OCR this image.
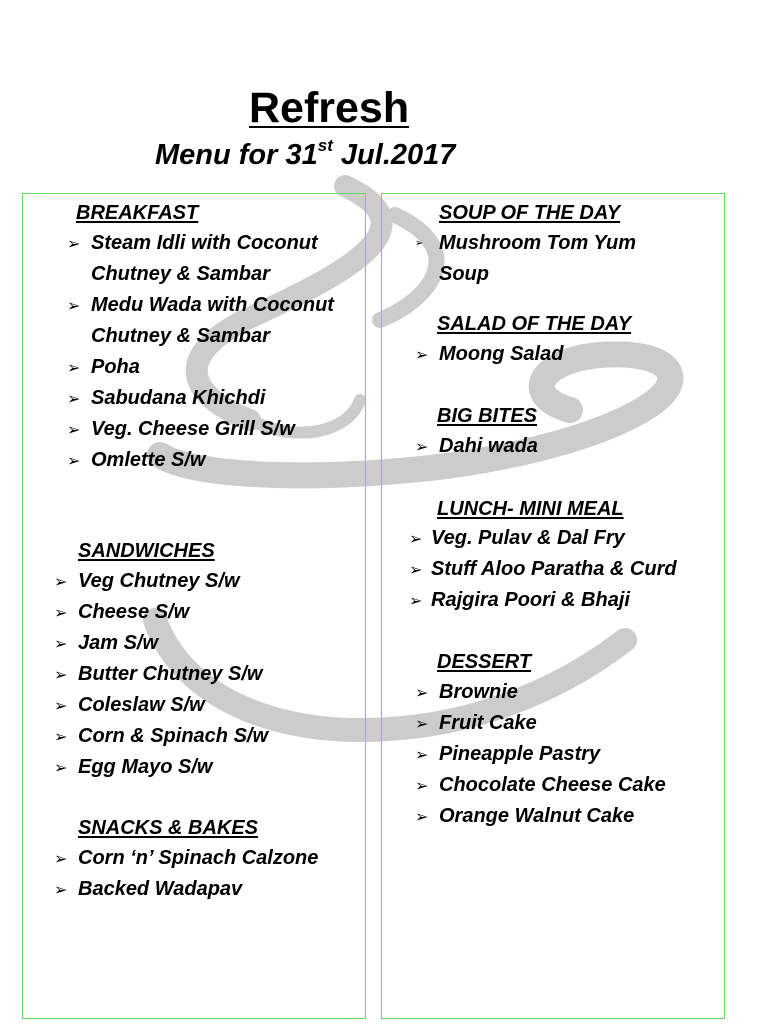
Refresh

Menu for 31st Jul.2017

BREAKFAST
➢ Steam Idli with Coconut Chutney & Sambar
➢ Medu Wada with Coconut Chutney & Sambar
➢ Poha
➢ Sabudana Khichdi
➢ Veg. Cheese Grill S/w
➢ Omlette S/w
SANDWICHES
➢ Veg Chutney S/w
➢ Cheese S/w
➢ Jam S/w
➢ Butter Chutney S/w
➢ Coleslaw S/w
➢ Corn & Spinach S/w
➢ Egg Mayo S/w
SNACKS & BAKES
➢ Corn ‘n’ Spinach Calzone
➢ Backed Wadapav
SOUP OF THE DAY
➢ Mushroom Tom Yum Soup
SALAD OF THE DAY
➢ Moong Salad
BIG BITES
➢ Dahi wada
LUNCH- MINI MEAL
➢ Veg. Pulav & Dal Fry
➢ Stuff Aloo Paratha & Curd
➢ Rajgira Poori & Bhaji
DESSERT
➢ Brownie
➢ Fruit Cake
➢ Pineapple Pastry
➢ Chocolate Cheese Cake
➢ Orange Walnut Cake
